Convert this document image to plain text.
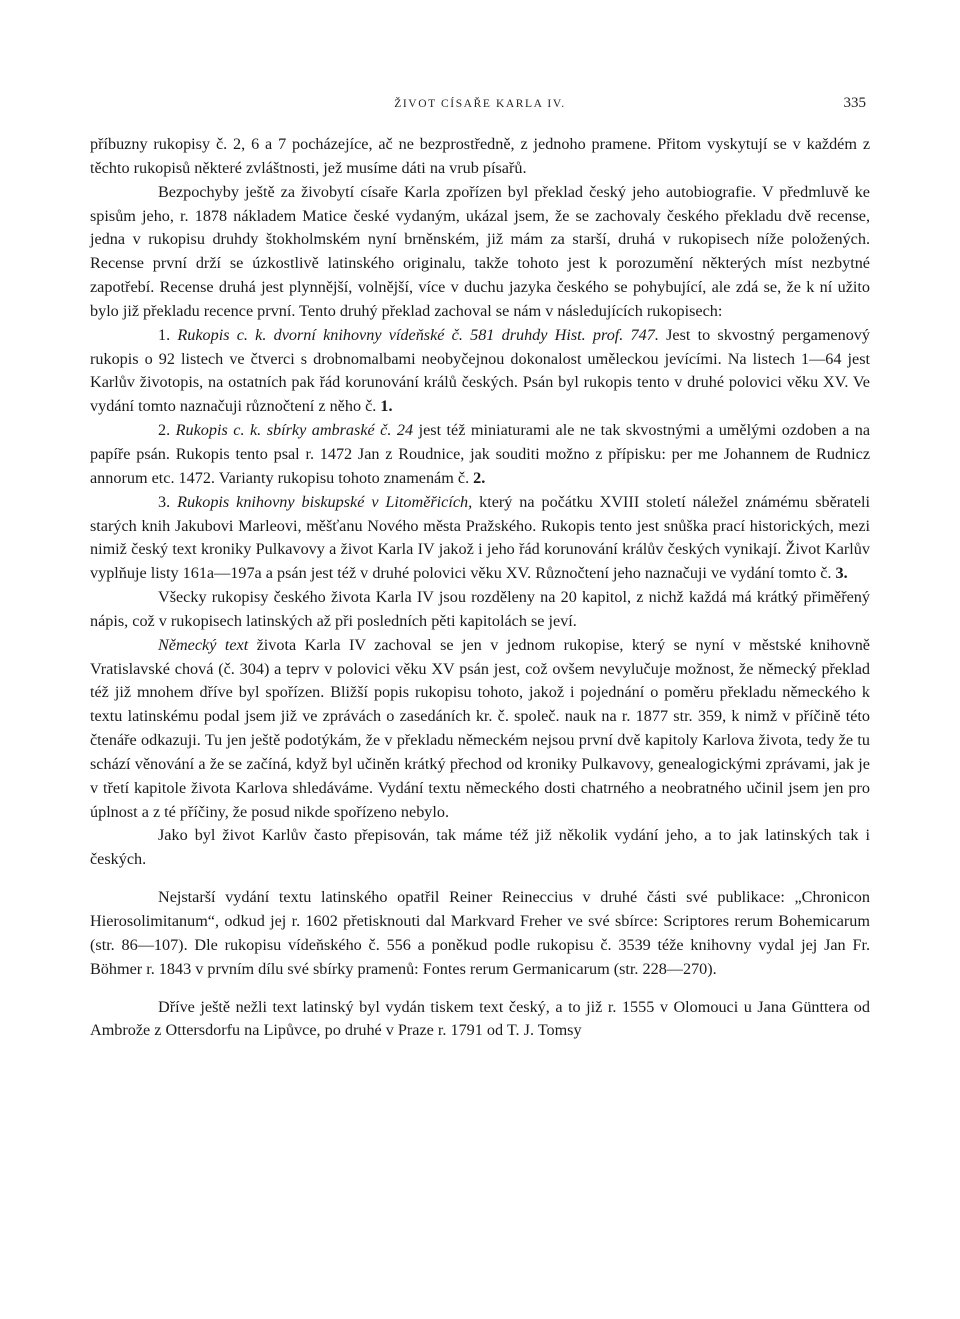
ŽIVOT CÍSAŘE KARLA IV.	335

příbuzny rukopisy č. 2, 6 a 7 pocházejíce, ač ne bezprostředně, z jednoho pramene. Přitom vyskytují se v každém z těchto rukopisů některé zvláštnosti, jež musíme dáti na vrub písařů.

Bezpochyby ještě za živobytí císaře Karla zpořízen byl překlad český jeho autobiografie. V předmluvě ke spisům jeho, r. 1878 nákladem Matice české vydaným, ukázal jsem, že se zachovaly českého překladu dvě recense, jedna v rukopisu druhdy štokholmském nyní brněnském, již mám za starší, druhá v rukopisech níže položených. Recense první drží se úzkostlivě latinského originalu, takže tohoto jest k porozumění některých míst nezbytné zapotřebí. Recense druhá jest plynnější, volnější, více v duchu jazyka českého se pohybující, ale zdá se, že k ní užito bylo již překladu recence první. Tento druhý překlad zachoval se nám v následujících rukopisech:

1. Rukopis c. k. dvorní knihovny vídeňské č. 581 druhdy Hist. prof. 747. Jest to skvostný pergamenový rukopis o 92 listech ve čtverci s drobnomalbami neobyčejnou dokonalost uměleckou jevícími. Na listech 1—64 jest Karlův životopis, na ostatních pak řád korunování králů českých. Psán byl rukopis tento v druhé polovici věku XV. Ve vydání tomto naznačuji různočtení z něho č. 1.

2. Rukopis c. k. sbírky ambraské č. 24 jest též miniaturami ale ne tak skvostnými a umělými ozdoben a na papíře psán. Rukopis tento psal r. 1472 Jan z Roudnice, jak souditi možno z přípisku: per me Johannem de Rudnicz annorum etc. 1472. Varianty rukopisu tohoto znamenám č. 2.

3. Rukopis knihovny biskupské v Litoměřicích, který na počátku XVIII století náležel známému sběrateli starých knih Jakubovi Marleovi, měšťanu Nového města Pražského. Rukopis tento jest snůška prací historických, mezi nimiž český text kroniky Pulkavovy a život Karla IV jakož i jeho řád korunování králův českých vynikají. Život Karlův vyplňuje listy 161a—197a a psán jest též v druhé polovici věku XV. Různočtení jeho naznačuji ve vydání tomto č. 3.

Všecky rukopisy českého života Karla IV jsou rozděleny na 20 kapitol, z nichž každá má krátký přiměřený nápis, což v rukopisech latinských až při posledních pěti kapitolách se jeví.

Německý text života Karla IV zachoval se jen v jednom rukopise, který se nyní v městské knihovně Vratislavské chová (č. 304) a teprv v polovici věku XV psán jest, což ovšem nevylučuje možnost, že německý překlad též již mnohem dříve byl spořízen. Bližší popis rukopisu tohoto, jakož i pojednání o poměru překladu německého k textu latinskému podal jsem již ve zprávách o zasedáních kr. č. společ. nauk na r. 1877 str. 359, k nimž v příčině této čtenáře odkazuji. Tu jen ještě podotýkám, že v překladu německém nejsou první dvě kapitoly Karlova života, tedy že tu schází věnování a že se začíná, když byl učiněn krátký přechod od kroniky Pulkavovy, genealogickými zprávami, jak je v třetí kapitole života Karlova shledáváme. Vydání textu německého dosti chatrného a neobratného učinil jsem jen pro úplnost a z té příčiny, že posud nikde spořízeno nebylo.

Jako byl život Karlův často přepisován, tak máme též již několik vydání jeho, a to jak latinských tak i českých.

Nejstarší vydání textu latinského opatřil Reiner Reineccius v druhé části své publikace: „Chronicon Hierosolimitanum“, odkud jej r. 1602 přetisknouti dal Markvard Freher ve své sbírce: Scriptores rerum Bohemicarum (str. 86—107). Dle rukopisu vídeňského č. 556 a poněkud podle rukopisu č. 3539 téže knihovny vydal jej Jan Fr. Böhmer r. 1843 v prvním dílu své sbírky pramenů: Fontes rerum Germanicarum (str. 228—270).

Dříve ještě nežli text latinský byl vydán tiskem text český, a to již r. 1555 v Olomouci u Jana Günttera od Ambrože z Ottersdorfu na Lipůvce, po druhé v Praze r. 1791 od T. J. Tomsy
